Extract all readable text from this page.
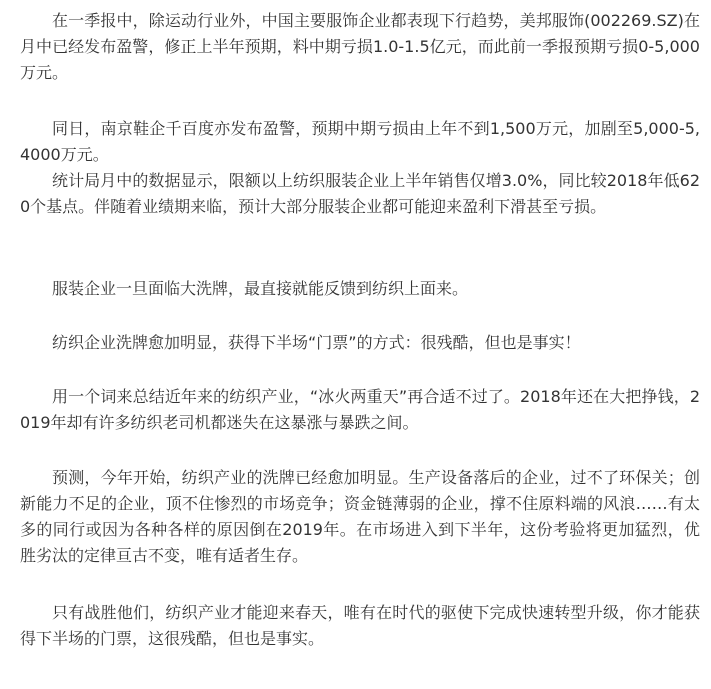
在一季报中，除运动行业外，中国主要服饰企业都表现下行趋势，美邦服饰(002269.SZ)在月中已经发布盈警，修正上半年预期，料中期亏损1.0-1.5亿元，而此前一季报预期亏损0-5,000万元。

同日，南京鞋企千百度亦发布盈警，预期中期亏损由上年不到1,500万元，加剧至5,000-5,4000万元。

统计局月中的数据显示，限额以上纺织服装企业上半年销售仅增3.0%，同比较2018年低620个基点。伴随着业绩期来临，预计大部分服装企业都可能迎来盈利下滑甚至亏损。

服装企业一旦面临大洗牌，最直接就能反馈到纺织上面来。

纺织企业洗牌愈加明显，获得下半场“门票”的方式：很残酷，但也是事实！

用一个词来总结近年来的纺织产业，“冰火两重天”再合适不过了。2018年还在大把挣钱，2019年却有许多纺织老司机都迷失在这暴涨与暴跌之间。

预测，今年开始，纺织产业的洗牌已经愈加明显。生产设备落后的企业，过不了环保关；创新能力不足的企业，顶不住惨烈的市场竞争；资金链薄弱的企业，撑不住原料端的风浪……有太多的同行或因为各种各样的原因倒在2019年。在市场进入到下半年，这份考验将更加猛烈，优胜劣汰的定律亘古不变，唯有适者生存。

只有战胜他们，纺织产业才能迎来春天，唯有在时代的驱使下完成快速转型升级，你才能获得下半场的门票，这很残酷，但也是事实。
